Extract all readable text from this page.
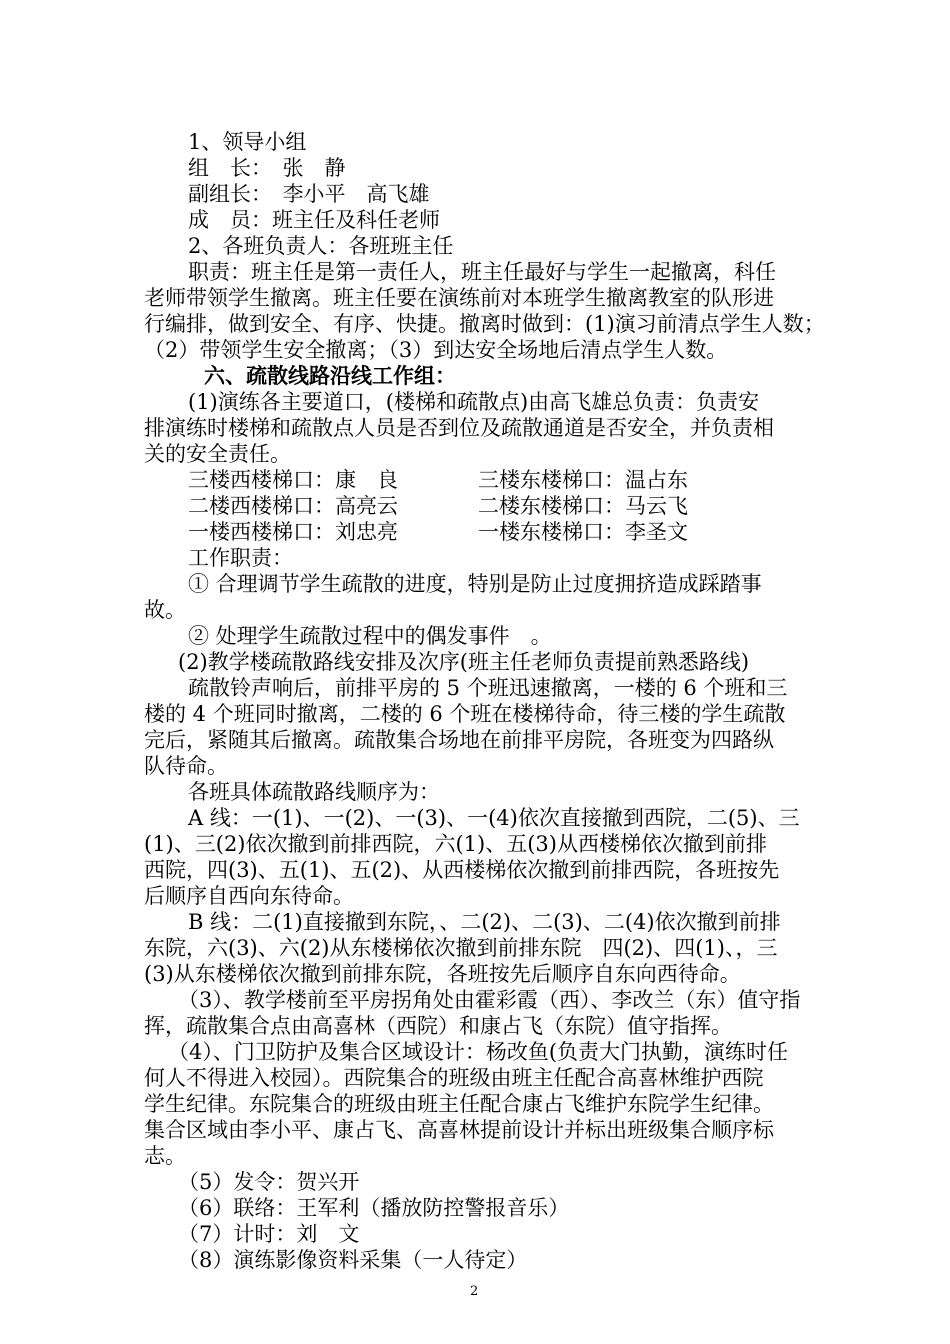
1、领导小组
组　长：　张　静
副组长：　李小平　高飞雄
成　员：班主任及科任老师
2、各班负责人：各班班主任
职责：班主任是第一责任人，班主任最好与学生一起撤离，科任
老师带领学生撤离。班主任要在演练前对本班学生撤离教室的队形进
行编排，做到安全、有序、快捷。撤离时做到：(1)演习前清点学生人数；
（2）带领学生安全撤离；（3）到达安全场地后清点学生人数。
六、疏散线路沿线工作组：
(1)演练各主要道口，(楼梯和疏散点)由高飞雄总负责：负责安
排演练时楼梯和疏散点人员是否到位及疏散通道是否安全，并负责相
关的安全责任。
三楼西楼梯口：康　良	三楼东楼梯口：温占东
二楼西楼梯口：高亮云	二楼东楼梯口：马云飞
一楼西楼梯口：刘忠亮	一楼东楼梯口：李圣文
工作职责：
① 合理调节学生疏散的进度，特别是防止过度拥挤造成踩踏事
故。
② 处理学生疏散过程中的偶发事件　。
(2)教学楼疏散路线安排及次序(班主任老师负责提前熟悉路线)
疏散铃声响后，前排平房的 5 个班迅速撤离，一楼的 6 个班和三
楼的 4 个班同时撤离，二楼的 6 个班在楼梯待命，待三楼的学生疏散
完后，紧随其后撤离。疏散集合场地在前排平房院，各班变为四路纵
队待命。
各班具体疏散路线顺序为：
A 线：一(1)、一(2)、一(3)、一(4)依次直接撤到西院，二(5)、三
(1)、三(2)依次撤到前排西院，六(1)、五(3)从西楼梯依次撤到前排
西院，四(3)、五(1)、五(2)、从西楼梯依次撤到前排西院，各班按先
后顺序自西向东待命。
B 线：二(1)直接撤到东院，、二(2)、二(3)、二(4)依次撤到前排
东院，六(3)、六(2)从东楼梯依次撤到前排东院　四(2)、四(1)、，三
(3)从东楼梯依次撤到前排东院，各班按先后顺序自东向西待命。
（3）、教学楼前至平房拐角处由霍彩霞（西）、李改兰（东）值守指
挥，疏散集合点由高喜林（西院）和康占飞（东院）值守指挥。
（4）、门卫防护及集合区域设计：杨改鱼(负责大门执勤，演练时任
何人不得进入校园）。西院集合的班级由班主任配合高喜林维护西院
学生纪律。东院集合的班级由班主任配合康占飞维护东院学生纪律。
集合区域由李小平、康占飞、高喜林提前设计并标出班级集合顺序标
志。
（5）发令：贺兴开
（6）联络：王军利（播放防控警报音乐）
（7）计时：刘　文
（8）演练影像资料采集（一人待定）
2
